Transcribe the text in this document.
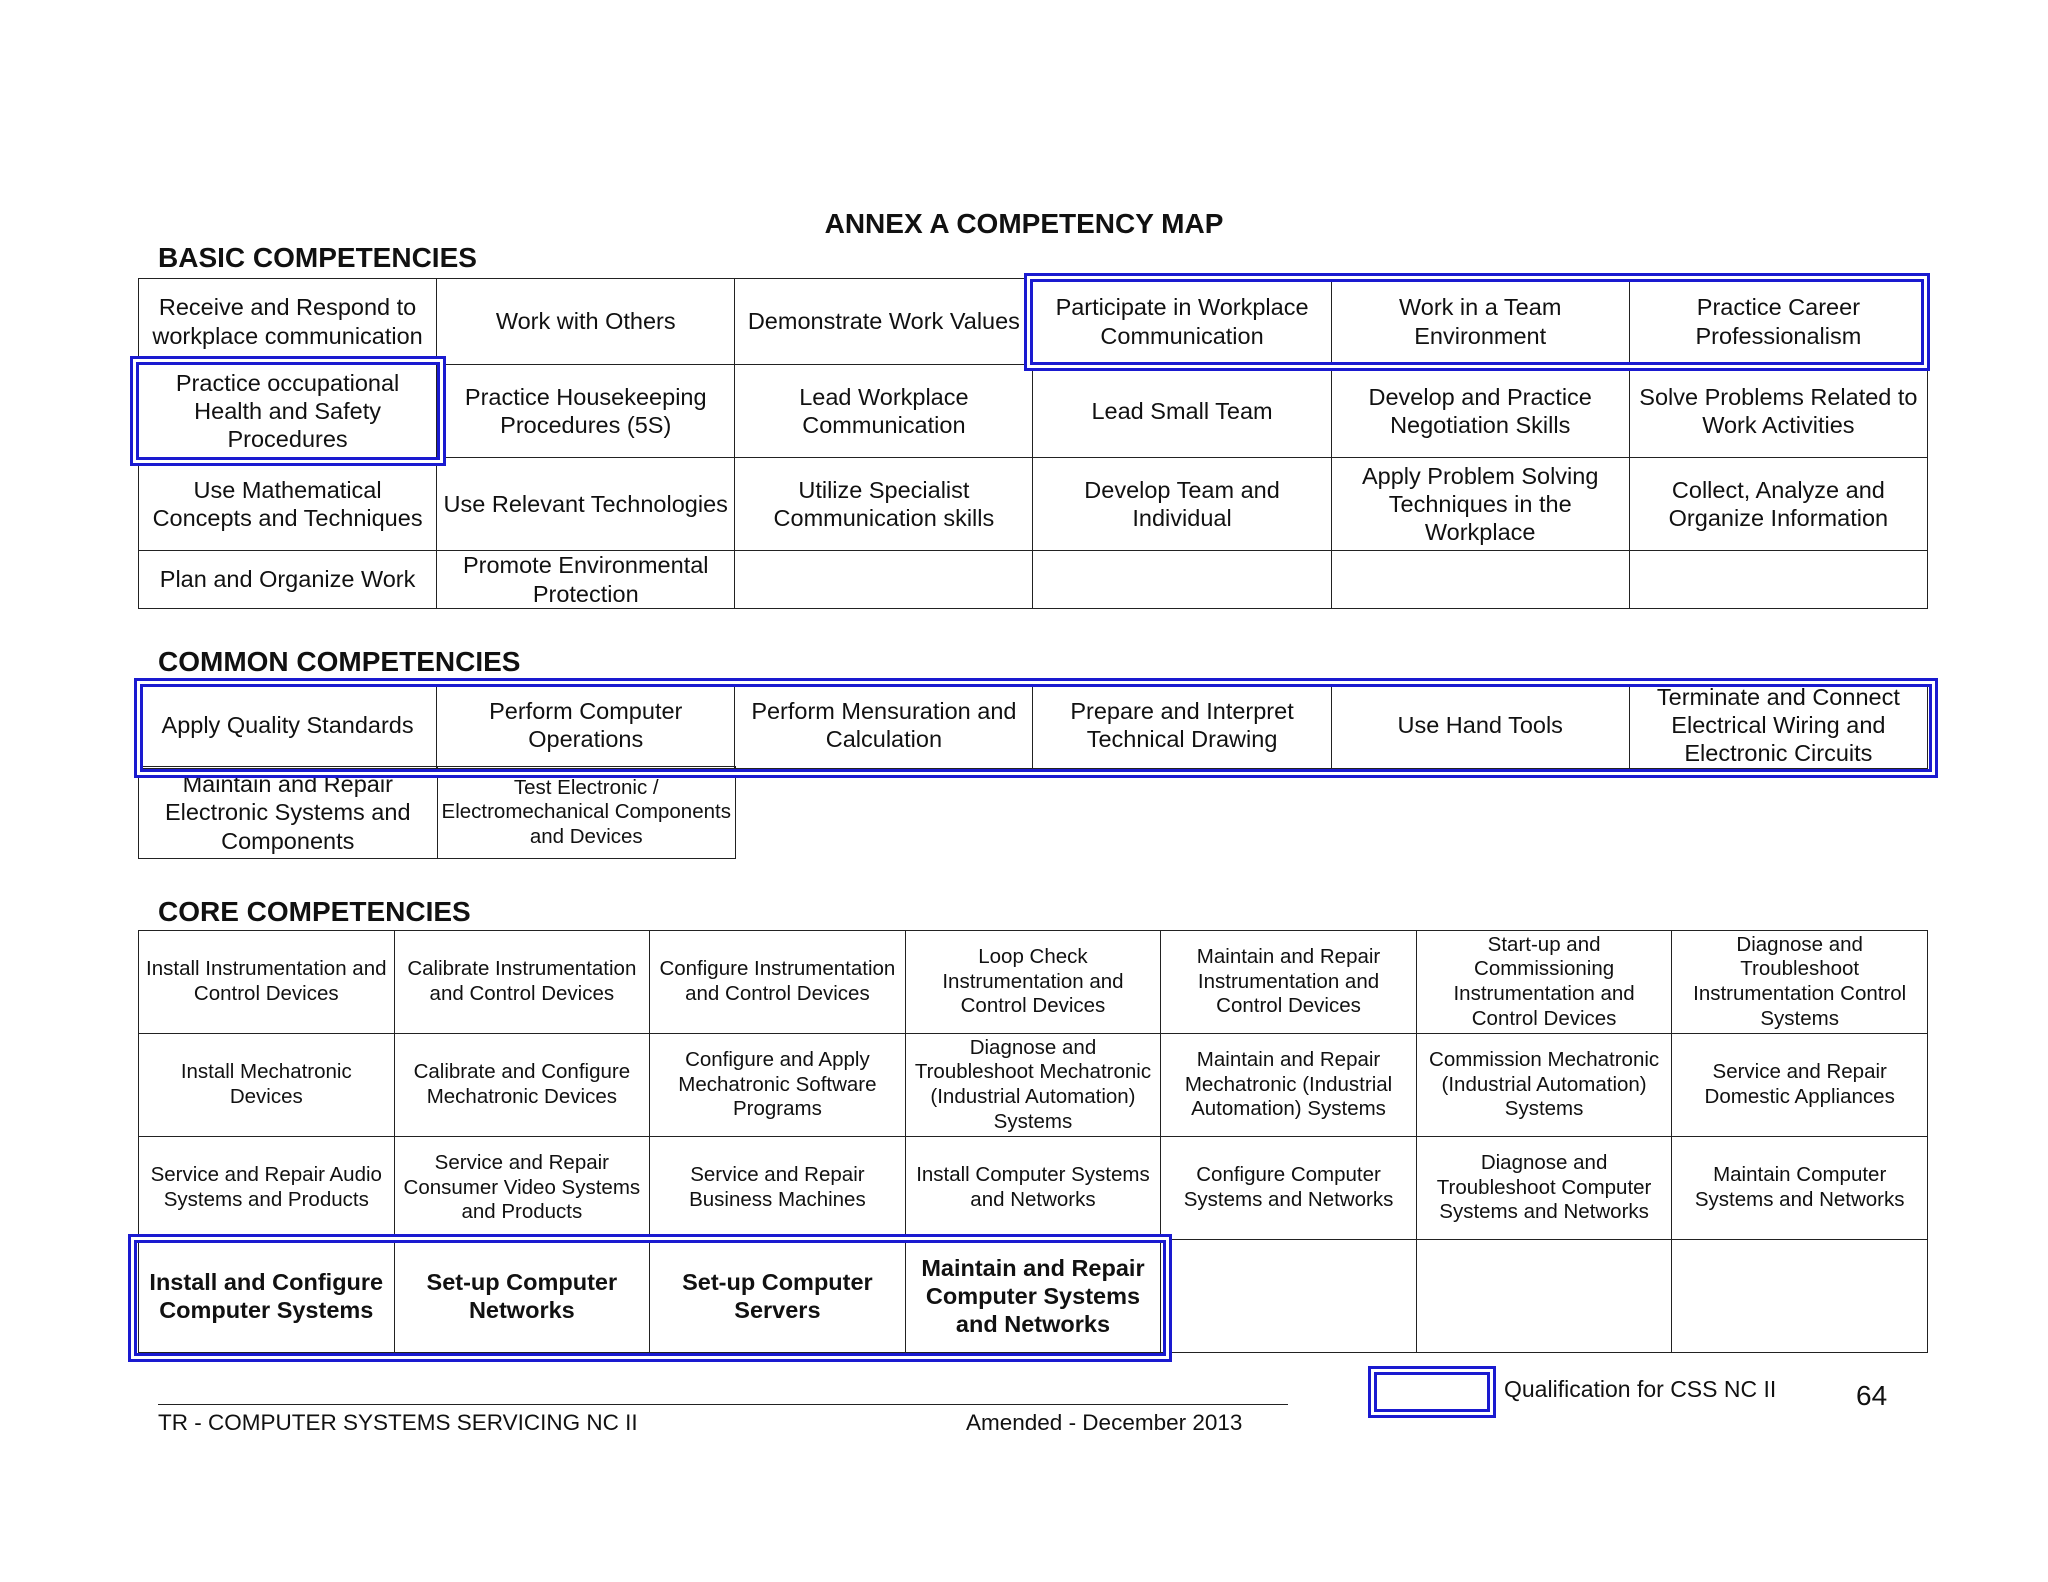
ANNEX A COMPETENCY MAP
BASIC COMPETENCIES
Receive and Respond to workplace communication	Work with Others	Demonstrate Work Values	Participate in Workplace Communication	Work in a Team Environment	Practice Career Professionalism
Practice occupational Health and Safety Procedures	Practice Housekeeping Procedures (5S)	Lead Workplace Communication	Lead Small Team	Develop and Practice Negotiation Skills	Solve Problems Related to Work Activities
Use Mathematical Concepts and Techniques	Use Relevant Technologies	Utilize Specialist Communication skills	Develop Team and Individual	Apply Problem Solving Techniques in the Workplace	Collect, Analyze and Organize Information
Plan and Organize Work	Promote Environmental Protection				
COMMON COMPETENCIES
Apply Quality Standards	Perform Computer Operations	Perform Mensuration and Calculation	Prepare and Interpret Technical Drawing	Use Hand Tools	Terminate and Connect Electrical Wiring and Electronic Circuits
Maintain and Repair Electronic Systems and Components	Test Electronic / Electromechanical Components and Devices
CORE COMPETENCIES
Install Instrumentation and Control Devices	Calibrate Instrumentation and Control Devices	Configure Instrumentation and Control Devices	Loop Check Instrumentation and Control Devices	Maintain and Repair Instrumentation and Control Devices	Start-up and Commissioning Instrumentation and Control Devices	Diagnose and Troubleshoot Instrumentation Control Systems
Install Mechatronic Devices	Calibrate and Configure Mechatronic Devices	Configure and Apply Mechatronic Software Programs	Diagnose and Troubleshoot Mechatronic (Industrial Automation) Systems	Maintain and Repair Mechatronic (Industrial Automation) Systems	Commission Mechatronic (Industrial Automation) Systems	Service and Repair Domestic Appliances
Service and Repair Audio Systems and Products	Service and Repair Consumer Video Systems and Products	Service and Repair Business Machines	Install Computer Systems and Networks	Configure Computer Systems and Networks	Diagnose and Troubleshoot Computer Systems and Networks	Maintain Computer Systems and Networks
Install and Configure Computer Systems	Set-up Computer Networks	Set-up Computer Servers	Maintain and Repair Computer Systems and Networks			
TR - COMPUTER SYSTEMS SERVICING NC II	Amended - December 2013
Qualification for CSS NC II	64
